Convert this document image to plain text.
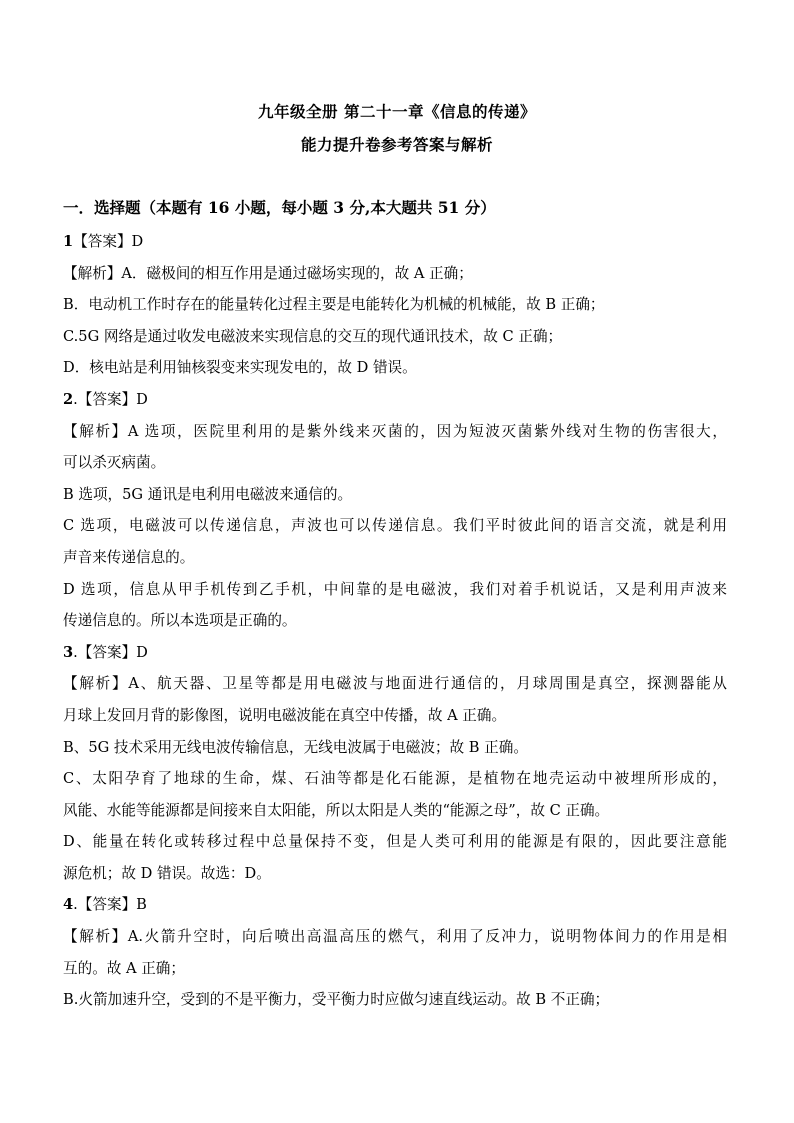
九年级全册 第二十一章《信息的传递》
能力提升卷参考答案与解析
一．选择题（本题有 16 小题，每小题 3 分,本大题共 51 分）
1【答案】D
【解析】A．磁极间的相互作用是通过磁场实现的，故 A 正确；
B．电动机工作时存在的能量转化过程主要是电能转化为机械的机械能，故 B 正确；
C.5G 网络是通过收发电磁波来实现信息的交互的现代通讯技术，故 C 正确；
D．核电站是利用铀核裂变来实现发电的，故 D 错误。
2.【答案】D
【解析】A 选项，医院里利用的是紫外线来灭菌的，因为短波灭菌紫外线对生物的伤害很大，
可以杀灭病菌。
B 选项，5G 通讯是电利用电磁波来通信的。
C 选项，电磁波可以传递信息，声波也可以传递信息。我们平时彼此间的语言交流，就是利用
声音来传递信息的。
D 选项，信息从甲手机传到乙手机，中间靠的是电磁波，我们对着手机说话，又是利用声波来
传递信息的。所以本选项是正确的。
3.【答案】D
【解析】A、航天器、卫星等都是用电磁波与地面进行通信的，月球周围是真空，探测器能从
月球上发回月背的影像图，说明电磁波能在真空中传播，故 A 正确。
B、5G 技术采用无线电波传输信息，无线电波属于电磁波；故 B 正确。
C、太阳孕育了地球的生命，煤、石油等都是化石能源，是植物在地壳运动中被埋所形成的，
风能、水能等能源都是间接来自太阳能，所以太阳是人类的“能源之母”，故 C 正确。
D、能量在转化或转移过程中总量保持不变，但是人类可利用的能源是有限的，因此要注意能
源危机；故 D 错误。故选：D。
4.【答案】B
【解析】A.火箭升空时，向后喷出高温高压的燃气，利用了反冲力，说明物体间力的作用是相
互的。故 A 正确；
B.火箭加速升空，受到的不是平衡力，受平衡力时应做匀速直线运动。故 B 不正确；
